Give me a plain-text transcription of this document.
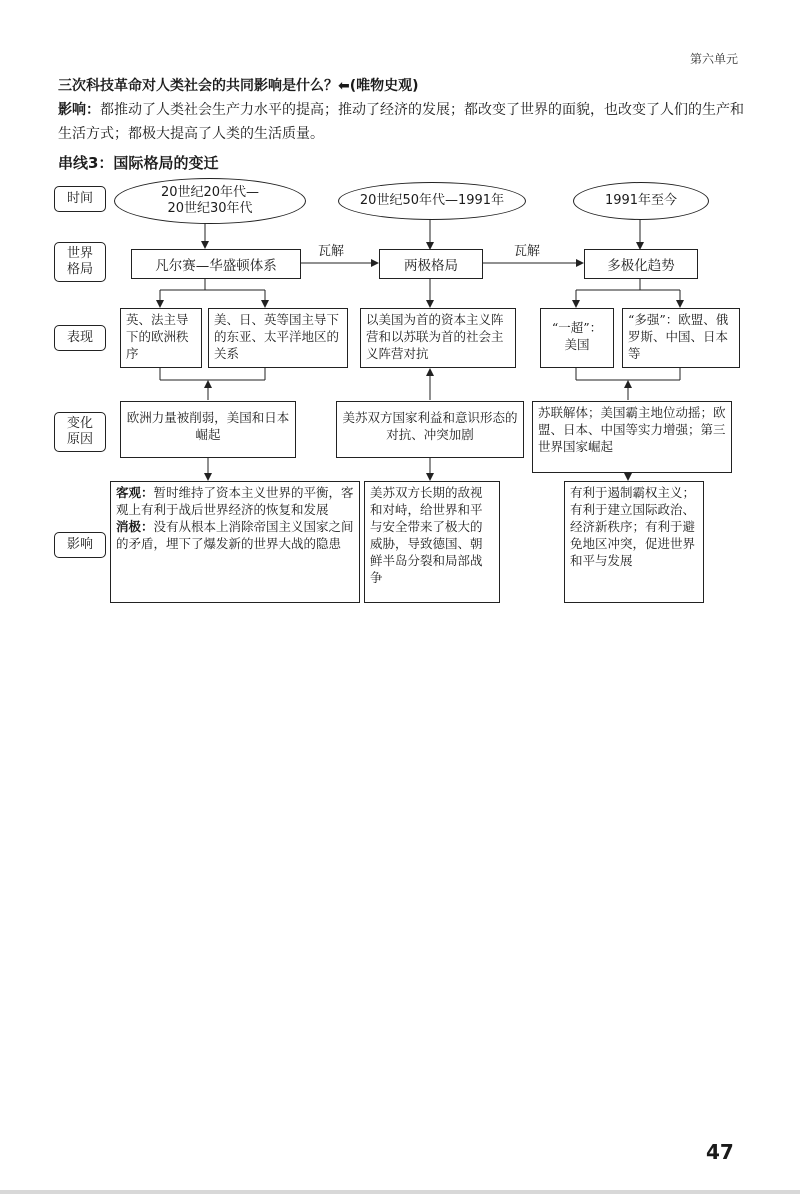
第六单元
三次科技革命对人类社会的共同影响是什么？⬅(唯物史观)
影响：都推动了人类社会生产力水平的提高；推动了经济的发展；都改变了世界的面貌，也改变了人们的生产和生活方式；都极大提高了人类的生活质量。
串线3：国际格局的变迁
时间
世界
格局
表现
变化
原因
影响
20世纪20年代—
20世纪30年代
20世纪50年代—1991年	1991年至今
凡尔赛—华盛顿体系	两极格局	多极化趋势
瓦解	瓦解
英、法主导下的欧洲秩序
美、日、英等国主导下的东亚、太平洋地区的关系
以美国为首的资本主义阵营和以苏联为首的社会主义阵营对抗
“一超”：美国
“多强”：欧盟、俄罗斯、中国、日本等
欧洲力量被削弱，美国和日本崛起
美苏双方国家利益和意识形态的对抗、冲突加剧
苏联解体；美国霸主地位动摇；欧盟、日本、中国等实力增强；第三世界国家崛起
客观：暂时维持了资本主义世界的平衡，客观上有利于战后世界经济的恢复和发展
消极：没有从根本上消除帝国主义国家之间的矛盾，埋下了爆发新的世界大战的隐患
美苏双方长期的敌视和对峙，给世界和平与安全带来了极大的威胁，导致德国、朝鲜半岛分裂和局部战争
有利于遏制霸权主义；有利于建立国际政治、经济新秩序；有利于避免地区冲突，促进世界和平与发展
47
